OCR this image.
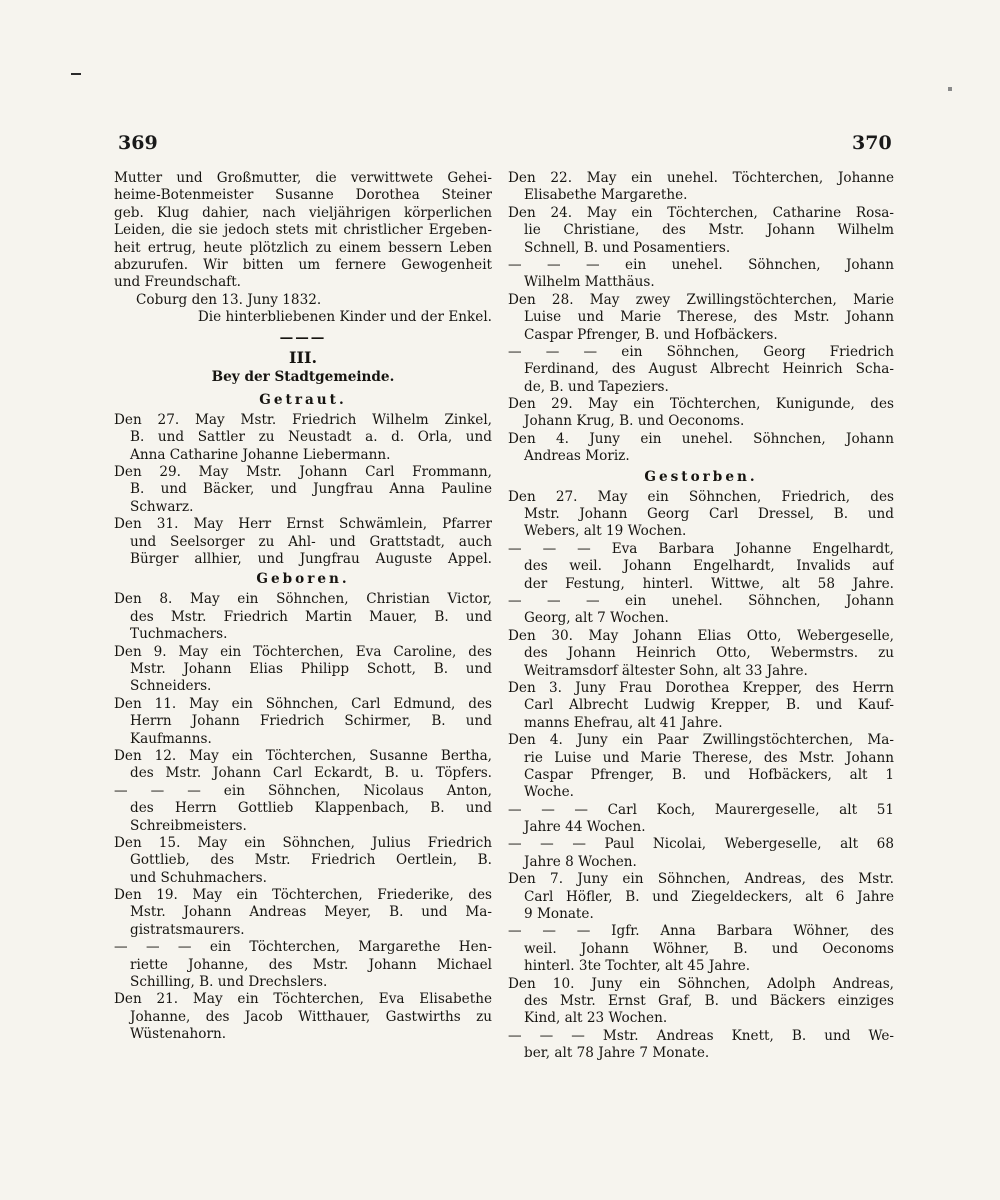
369	370
Mutter und Großmutter, die verwittwete Gehei-
heime-Botenmeister Susanne Dorothea Steiner
geb. Klug dahier, nach vieljährigen körperlichen
Leiden, die sie jedoch stets mit christlicher Ergeben-
heit ertrug, heute plötzlich zu einem bessern Leben
abzurufen. Wir bitten um fernere Gewogenheit
und Freundschaft.
Coburg den 13. Juny 1832.
Die hinterbliebenen Kinder und der Enkel.
———
III.
Bey der Stadtgemeinde.
Getraut.
Den 27. May Mstr. Friedrich Wilhelm Zinkel,
B. und Sattler zu Neustadt a. d. Orla, und
Anna Catharine Johanne Liebermann.
Den 29. May Mstr. Johann Carl Frommann,
B. und Bäcker, und Jungfrau Anna Pauline
Schwarz.
Den 31. May Herr Ernst Schwämlein, Pfarrer
und Seelsorger zu Ahl- und Grattstadt, auch
Bürger allhier, und Jungfrau Auguste Appel.
Geboren.
Den 8. May ein Söhnchen, Christian Victor,
des Mstr. Friedrich Martin Mauer, B. und
Tuchmachers.
Den 9. May ein Töchterchen, Eva Caroline, des
Mstr. Johann Elias Philipp Schott, B. und
Schneiders.
Den 11. May ein Söhnchen, Carl Edmund, des
Herrn Johann Friedrich Schirmer, B. und
Kaufmanns.
Den 12. May ein Töchterchen, Susanne Bertha,
des Mstr. Johann Carl Eckardt, B. u. Töpfers.
— — — ein Söhnchen, Nicolaus Anton,
des Herrn Gottlieb Klappenbach, B. und
Schreibmeisters.
Den 15. May ein Söhnchen, Julius Friedrich
Gottlieb, des Mstr. Friedrich Oertlein, B.
und Schuhmachers.
Den 19. May ein Töchterchen, Friederike, des
Mstr. Johann Andreas Meyer, B. und Ma-
gistratsmaurers.
— — — ein Töchterchen, Margarethe Hen-
riette Johanne, des Mstr. Johann Michael
Schilling, B. und Drechslers.
Den 21. May ein Töchterchen, Eva Elisabethe
Johanne, des Jacob Witthauer, Gastwirths zu
Wüstenahorn.
Den 22. May ein unehel. Töchterchen, Johanne
Elisabethe Margarethe.
Den 24. May ein Töchterchen, Catharine Rosa-
lie Christiane, des Mstr. Johann Wilhelm
Schnell, B. und Posamentiers.
— — — ein unehel. Söhnchen, Johann
Wilhelm Matthäus.
Den 28. May zwey Zwillingstöchterchen, Marie
Luise und Marie Therese, des Mstr. Johann
Caspar Pfrenger, B. und Hofbäckers.
— — — ein Söhnchen, Georg Friedrich
Ferdinand, des August Albrecht Heinrich Scha-
de, B. und Tapeziers.
Den 29. May ein Töchterchen, Kunigunde, des
Johann Krug, B. und Oeconoms.
Den 4. Juny ein unehel. Söhnchen, Johann
Andreas Moriz.
Gestorben.
Den 27. May ein Söhnchen, Friedrich, des
Mstr. Johann Georg Carl Dressel, B. und
Webers, alt 19 Wochen.
— — — Eva Barbara Johanne Engelhardt,
des weil. Johann Engelhardt, Invalids auf
der Festung, hinterl. Wittwe, alt 58 Jahre.
— — — ein unehel. Söhnchen, Johann
Georg, alt 7 Wochen.
Den 30. May Johann Elias Otto, Webergeselle,
des Johann Heinrich Otto, Webermstrs. zu
Weitramsdorf ältester Sohn, alt 33 Jahre.
Den 3. Juny Frau Dorothea Krepper, des Herrn
Carl Albrecht Ludwig Krepper, B. und Kauf-
manns Ehefrau, alt 41 Jahre.
Den 4. Juny ein Paar Zwillingstöchterchen, Ma-
rie Luise und Marie Therese, des Mstr. Johann
Caspar Pfrenger, B. und Hofbäckers, alt 1
Woche.
— — — Carl Koch, Maurergeselle, alt 51
Jahre 44 Wochen.
— — — Paul Nicolai, Webergeselle, alt 68
Jahre 8 Wochen.
Den 7. Juny ein Söhnchen, Andreas, des Mstr.
Carl Höfler, B. und Ziegeldeckers, alt 6 Jahre
9 Monate.
— — — Igfr. Anna Barbara Wöhner, des
weil. Johann Wöhner, B. und Oeconoms
hinterl. 3te Tochter, alt 45 Jahre.
Den 10. Juny ein Söhnchen, Adolph Andreas,
des Mstr. Ernst Graf, B. und Bäckers einziges
Kind, alt 23 Wochen.
— — — Mstr. Andreas Knett, B. und We-
ber, alt 78 Jahre 7 Monate.
